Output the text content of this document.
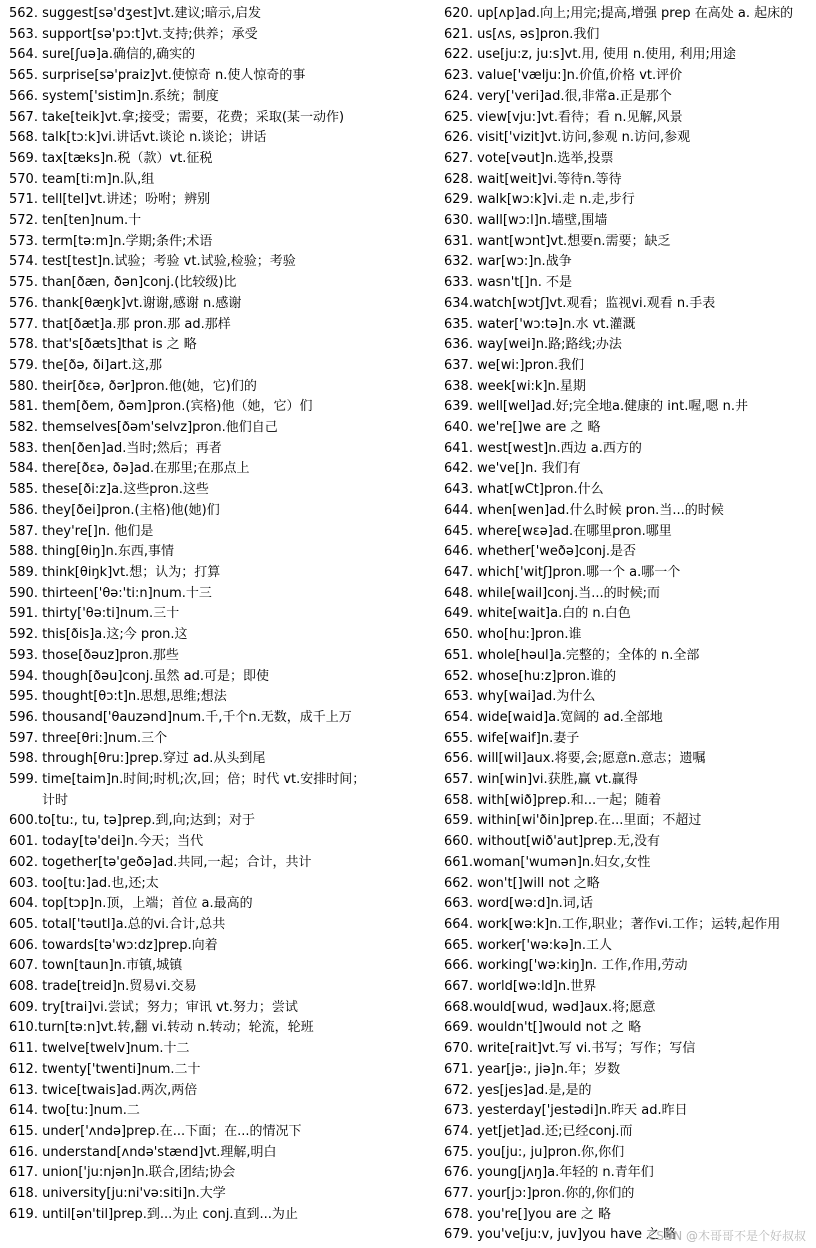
562. suggest[sə'dʒest]vt.建议;暗示,启发
563. support[sə'pɔ:t]vt.支持;供养；承受
564. sure[ʃuə]a.确信的,确实的
565. surprise[sə'praiz]vt.使惊奇 n.使人惊奇的事
566. system['sistim]n.系统；制度
567. take[teik]vt.拿;接受；需要，花费；采取(某一动作)
568. talk[tɔ:k]vi.讲话vt.谈论 n.谈论；讲话
569. tax[tæks]n.税（款）vt.征税
570. team[ti:m]n.队,组
571. tell[tel]vt.讲述；吩咐；辨别
572. ten[ten]num.十
573. term[tə:m]n.学期;条件;术语
574. test[test]n.试验；考验 vt.试验,检验；考验
575. than[ðæn, ðən]conj.(比较级)比
576. thank[θæŋk]vt.谢谢,感谢 n.感谢
577. that[ðæt]a.那 pron.那 ad.那样
578. that's[ðæts]that is 之 略
579. the[ðə, ði]art.这,那
580. their[ðεə, ðər]pron.他(她，它)们的
581. them[ðem, ðəm]pron.(宾格)他（她，它）们
582. themselves[ðəm'selvz]pron.他们自己
583. then[ðen]ad.当时;然后；再者
584. there[ðεə, ðə]ad.在那里;在那点上
585. these[ði:z]a.这些pron.这些
586. they[ðei]pron.(主格)他(她)们
587. they're[]n. 他们是
588. thing[θiŋ]n.东西,事情
589. think[θiŋk]vt.想；认为；打算
590. thirteen['θə:'ti:n]num.十三
591. thirty['θə:ti]num.三十
592. this[ðis]a.这;今 pron.这
593. those[ðəuz]pron.那些
594. though[ðəu]conj.虽然 ad.可是；即使
595. thought[θɔ:t]n.思想,思维;想法
596. thousand['θauzənd]num.千,千个n.无数，成千上万
597. three[θri:]num.三个
598. through[θru:]prep.穿过 ad.从头到尾
599. time[taim]n.时间;时机;次,回；倍；时代 vt.安排时间；
计时
600.to[tu:, tu, tə]prep.到,向;达到；对于
601. today[tə'dei]n.今天；当代
602. together[tə'geðə]ad.共同,一起；合计，共计
603. too[tu:]ad.也,还;太
604. top[tɔp]n.顶，上端；首位 a.最高的
605. total['təutl]a.总的vi.合计,总共
606. towards[tə'wɔ:dz]prep.向着
607. town[taun]n.市镇,城镇
608. trade[treid]n.贸易vi.交易
609. try[trai]vi.尝试；努力；审讯 vt.努力；尝试
610.turn[tə:n]vt.转,翻 vi.转动 n.转动；轮流，轮班
611. twelve[twelv]num.十二
612. twenty['twenti]num.二十
613. twice[twais]ad.两次,两倍
614. two[tu:]num.二
615. under['ʌndə]prep.在...下面；在...的情况下
616. understand[ʌndə'stænd]vt.理解,明白
617. union['ju:njən]n.联合,团结;协会
618. university[ju:ni'və:siti]n.大学
619. until[ən'til]prep.到...为止 conj.直到...为止
620. up[ʌp]ad.向上;用完;提高,增强 prep 在高处 a. 起床的
621. us[ʌs, əs]pron.我们
622. use[ju:z, ju:s]vt.用, 使用 n.使用, 利用;用途
623. value['vælju:]n.价值,价格 vt.评价
624. very['veri]ad.很,非常a.正是那个
625. view[vju:]vt.看待；看 n.见解,风景
626. visit['vizit]vt.访问,参观 n.访问,参观
627. vote[vəut]n.选举,投票
628. wait[weit]vi.等待n.等待
629. walk[wɔ:k]vi.走 n.走,步行
630. wall[wɔ:l]n.墙壁,围墙
631. want[wɔnt]vt.想要n.需要；缺乏
632. war[wɔ:]n.战争
633. wasn't[]n. 不是
634.watch[wɔtʃ]vt.观看；监视vi.观看 n.手表
635. water['wɔ:tə]n.水 vt.灌溉
636. way[wei]n.路;路线;办法
637. we[wi:]pron.我们
638. week[wi:k]n.星期
639. well[wel]ad.好;完全地a.健康的 int.喔,嗯 n.井
640. we're[]we are 之 略
641. west[west]n.西边 a.西方的
642. we've[]n. 我们有
643. what[wCt]pron.什么
644. when[wen]ad.什么时候 pron.当...的时候
645. where[wεə]ad.在哪里pron.哪里
646. whether['weðə]conj.是否
647. which['witʃ]pron.哪一个 a.哪一个
648. while[wail]conj.当...的时候;而
649. white[wait]a.白的 n.白色
650. who[hu:]pron.谁
651. whole[həul]a.完整的；全体的 n.全部
652. whose[hu:z]pron.谁的
653. why[wai]ad.为什么
654. wide[waid]a.宽阔的 ad.全部地
655. wife[waif]n.妻子
656. will[wil]aux.将要,会;愿意n.意志；遗嘱
657. win[win]vi.获胜,赢 vt.赢得
658. with[wið]prep.和...一起；随着
659. within[wi'ðin]prep.在...里面；不超过
660. without[wið'aut]prep.无,没有
661.woman['wumən]n.妇女,女性
662. won't[]will not 之略
663. word[wə:d]n.词,话
664. work[wə:k]n.工作,职业；著作vi.工作；运转,起作用
665. worker['wə:kə]n.工人
666. working['wə:kiŋ]n. 工作,作用,劳动
667. world[wə:ld]n.世界
668.would[wud, wəd]aux.将;愿意
669. wouldn't[]would not 之 略
670. write[rait]vt.写 vi.书写；写作；写信
671. year[jə:, jiə]n.年；岁数
672. yes[jes]ad.是,是的
673. yesterday['jestədi]n.昨天 ad.昨日
674. yet[jet]ad.还;已经conj.而
675. you[ju:, ju]pron.你,你们
676. young[jʌŋ]a.年轻的 n.青年们
677. your[jɔ:]pron.你的,你们的
678. you're[]you are 之 略
679. you've[ju:v, juv]you have 之 略
CSDN @木哥哥不是个好叔叔
